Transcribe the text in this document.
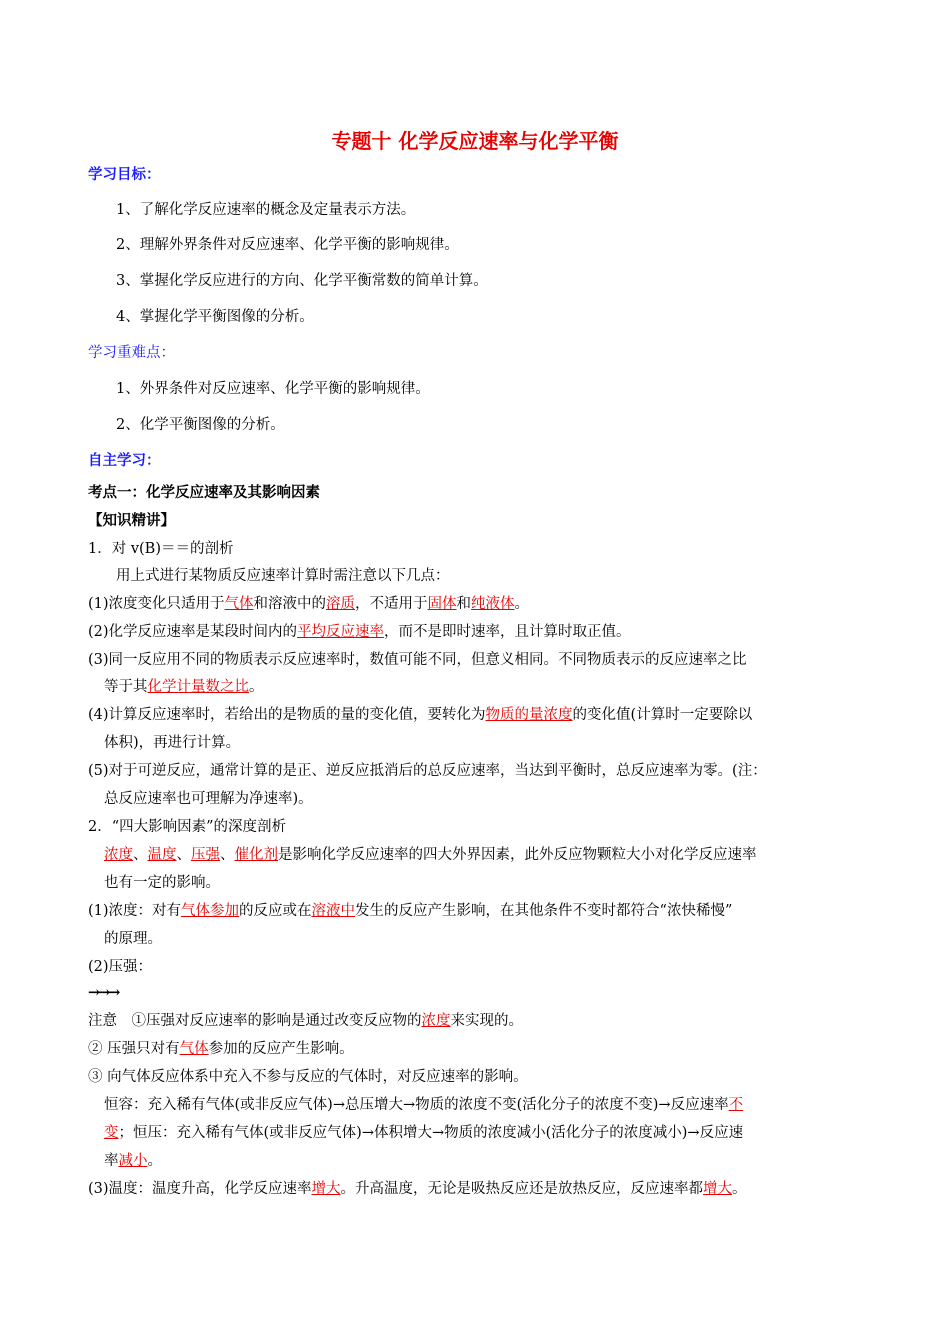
专题十 化学反应速率与化学平衡
学习目标：
1、了解化学反应速率的概念及定量表示方法。
2、理解外界条件对反应速率、化学平衡的影响规律。
3、掌握化学反应进行的方向、化学平衡常数的简单计算。
4、掌握化学平衡图像的分析。
学习重难点：
1、外界条件对反应速率、化学平衡的影响规律。
2、化学平衡图像的分析。
自主学习：
考点一：化学反应速率及其影响因素
【知识精讲】
1．对 v(B)＝＝的剖析
用上式进行某物质反应速率计算时需注意以下几点：
(1)浓度变化只适用于气体和溶液中的溶质，不适用于固体和纯液体。
(2)化学反应速率是某段时间内的平均反应速率，而不是即时速率，且计算时取正值。
(3)同一反应用不同的物质表示反应速率时，数值可能不同，但意义相同。不同物质表示的反应速率之比
等于其化学计量数之比。
(4)计算反应速率时，若给出的是物质的量的变化值，要转化为物质的量浓度的变化值(计算时一定要除以
体积)，再进行计算。
(5)对于可逆反应，通常计算的是正、逆反应抵消后的总反应速率，当达到平衡时，总反应速率为零。(注：
总反应速率也可理解为净速率)。
2．“四大影响因素”的深度剖析
浓度、温度、压强、催化剂是影响化学反应速率的四大外界因素，此外反应物颗粒大小对化学反应速率
也有一定的影响。
(1)浓度：对有气体参加的反应或在溶液中发生的反应产生影响，在其他条件不变时都符合“浓快稀慢”
的原理。
(2)压强：
→→→
注意　①压强对反应速率的影响是通过改变反应物的浓度来实现的。
② 压强只对有气体参加的反应产生影响。
③ 向气体反应体系中充入不参与反应的气体时，对反应速率的影响。
恒容：充入稀有气体(或非反应气体)→总压增大→物质的浓度不变(活化分子的浓度不变)→反应速率不
变；恒压：充入稀有气体(或非反应气体)→体积增大→物质的浓度减小(活化分子的浓度减小)→反应速
率减小。
(3)温度：温度升高，化学反应速率增大。升高温度，无论是吸热反应还是放热反应，反应速率都增大。
